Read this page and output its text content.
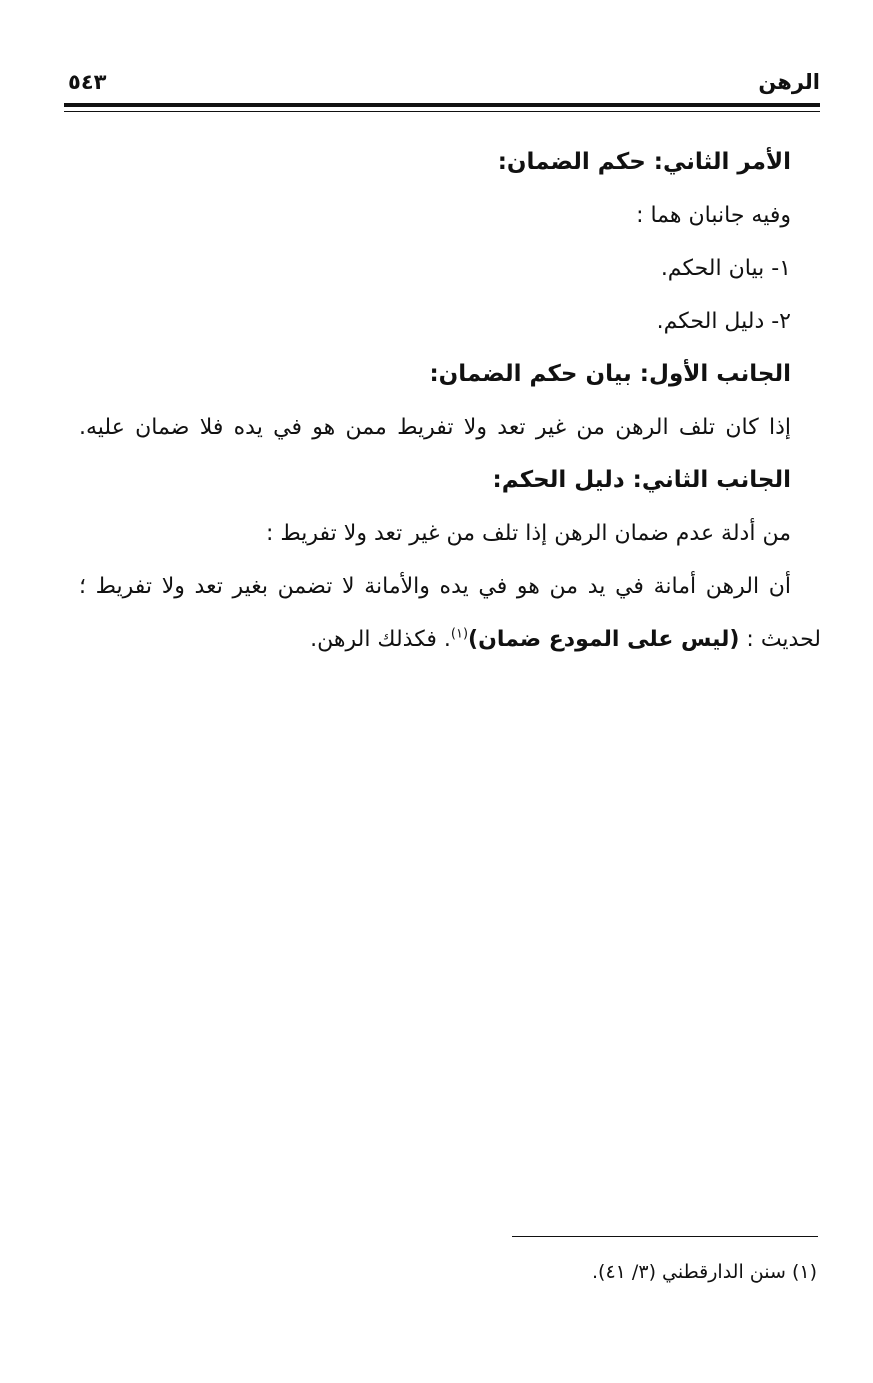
الرهن
٥٤٣
الأمر الثاني: حكم الضمان:
وفيه جانبان هما :
١- بيان الحكم.
٢- دليل الحكم.
الجانب الأول: بيان حكم الضمان:
إذا كان تلف الرهن من غير تعد ولا تفريط ممن هو في يده فلا ضمان عليه.
الجانب الثاني: دليل الحكم:
من أدلة عدم ضمان الرهن إذا تلف من غير تعد ولا تفريط :
أن الرهن أمانة في يد من هو في يده والأمانة لا تضمن بغير تعد ولا تفريط ؛
لحديث : (ليس على المودع ضمان)$^{(١)}$. فكذلك الرهن.
(١) سنن الدارقطني (٣/ ٤١).
